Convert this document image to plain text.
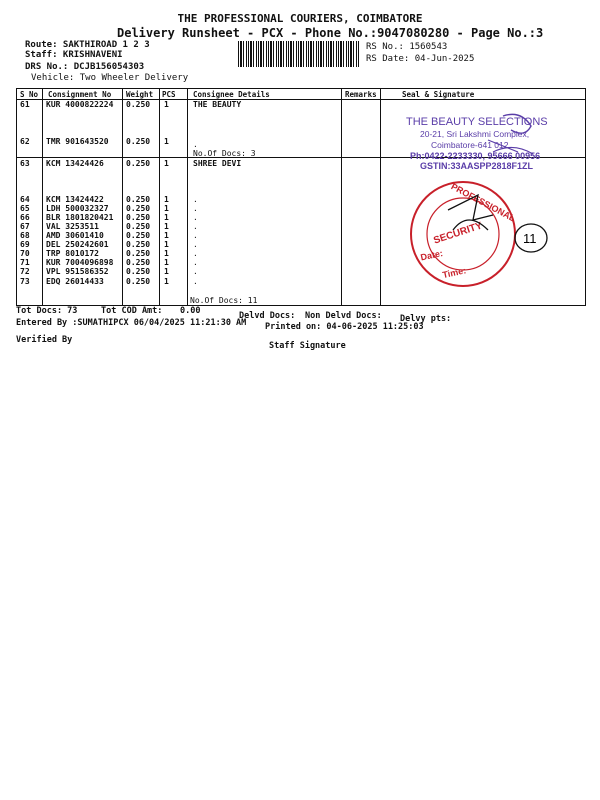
THE PROFESSIONAL COURIERS, COIMBATORE
Delivery Runsheet - PCX - Phone No.:9047080280 - Page No.:3
Route: SAKTHIROAD 1 2 3
Staff: KRISHNAVENI
DRS No.: DCJB156054303
Vehicle: Two Wheeler Delivery
RS No.: 1560543
RS Date: 04-Jun-2025
S No Consignment No Weight PCS Consignee Details	Remarks	Seal & Signature
61 KUR 4000822224 0.250 1	THE BEAUTY
62 TMR 901643520 0.250 1	.
63 KCM 13424426	0.250 1	SHREE DEVI
64 KCM 13424422	0.250 1	.
65 LDH 500032327 0.250 1	.
66 BLR 1801820421 0.250 1	.
67 VAL 3253511	0.250 1	.
68 AMD 30601410	0.250 1	.
69 DEL 250242601 0.250 1	.
70 TRP 8010172	0.250 1	.
71 KUR 7004096898 0.250 1	.
72 VPL 951586352 0.250 1	.
73 EDQ 26014433	0.250 1	.
No.Of Docs: 3
No.Of Docs: 11
THE BEAUTY SELECTIONS
20-21, Sri Lakshmi Complex,
Coimbatore-641 012.
Ph:0422-2233330, 95666 00956
GSTIN:33AASPP2818F1ZL
PROFESSIONAL
SECURITY
Date:
Time:
11
Tot Docs: 73	Tot COD Amt: 0.00	Delvd Docs: Non Delvd Docs: Delvy pts:
Entered By :SUMATHIPCX 06/04/2025 11:21:30 AM Printed on: 04-06-2025 11:25:03
Verified By
Staff Signature
